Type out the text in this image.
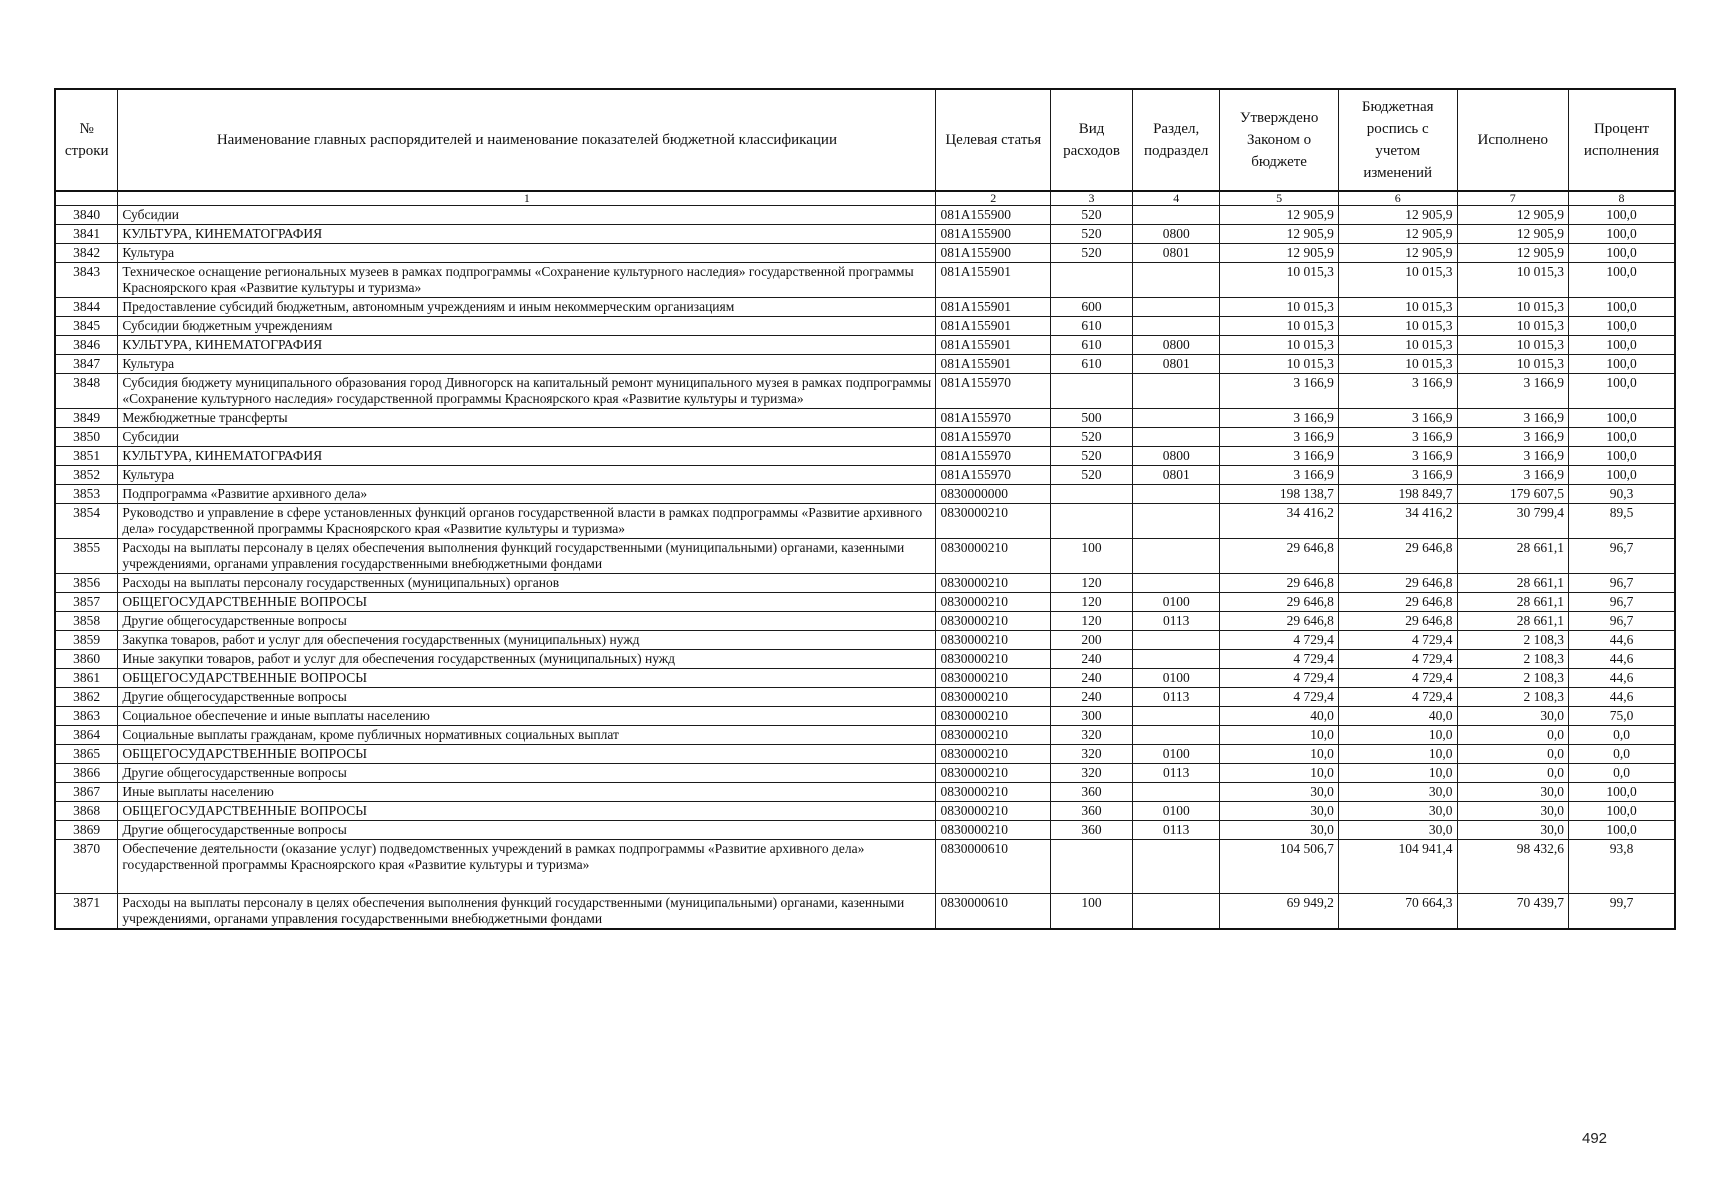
№ строки	Наименование главных распорядителей и наименование показателей бюджетной классификации	Целевая статья	Вид расходов	Раздел, подраздел	Утверждено Законом о бюджете	Бюджетная роспись с учетом изменений	Исполнено	Процент исполнения
	1	2	3	4	5	6	7	8
3840	Субсидии	081A155900	520		12 905,9	12 905,9	12 905,9	100,0
3841	КУЛЬТУРА, КИНЕМАТОГРАФИЯ	081A155900	520	0800	12 905,9	12 905,9	12 905,9	100,0
3842	Культура	081A155900	520	0801	12 905,9	12 905,9	12 905,9	100,0
3843	Техническое оснащение региональных музеев в рамках подпрограммы «Сохранение культурного наследия» государственной программы Красноярского края «Развитие культуры и туризма»	081A155901			10 015,3	10 015,3	10 015,3	100,0
3844	Предоставление субсидий бюджетным, автономным учреждениям и иным некоммерческим организациям	081A155901	600		10 015,3	10 015,3	10 015,3	100,0
3845	Субсидии бюджетным учреждениям	081A155901	610		10 015,3	10 015,3	10 015,3	100,0
3846	КУЛЬТУРА, КИНЕМАТОГРАФИЯ	081A155901	610	0800	10 015,3	10 015,3	10 015,3	100,0
3847	Культура	081A155901	610	0801	10 015,3	10 015,3	10 015,3	100,0
3848	Субсидия бюджету муниципального образования город Дивногорск на капитальный ремонт муниципального музея в рамках подпрограммы «Сохранение культурного наследия» государственной программы Красноярского края «Развитие культуры и туризма»	081A155970			3 166,9	3 166,9	3 166,9	100,0
3849	Межбюджетные трансферты	081A155970	500		3 166,9	3 166,9	3 166,9	100,0
3850	Субсидии	081A155970	520		3 166,9	3 166,9	3 166,9	100,0
3851	КУЛЬТУРА, КИНЕМАТОГРАФИЯ	081A155970	520	0800	3 166,9	3 166,9	3 166,9	100,0
3852	Культура	081A155970	520	0801	3 166,9	3 166,9	3 166,9	100,0
3853	Подпрограмма «Развитие архивного дела»	0830000000			198 138,7	198 849,7	179 607,5	90,3
3854	Руководство и управление в сфере установленных функций органов государственной власти в рамках подпрограммы «Развитие архивного дела» государственной программы Красноярского края «Развитие культуры и туризма»	0830000210			34 416,2	34 416,2	30 799,4	89,5
3855	Расходы на выплаты персоналу в целях обеспечения выполнения функций государственными (муниципальными) органами, казенными учреждениями, органами управления государственными внебюджетными фондами	0830000210	100		29 646,8	29 646,8	28 661,1	96,7
3856	Расходы на выплаты персоналу государственных (муниципальных) органов	0830000210	120		29 646,8	29 646,8	28 661,1	96,7
3857	ОБЩЕГОСУДАРСТВЕННЫЕ ВОПРОСЫ	0830000210	120	0100	29 646,8	29 646,8	28 661,1	96,7
3858	Другие общегосударственные вопросы	0830000210	120	0113	29 646,8	29 646,8	28 661,1	96,7
3859	Закупка товаров, работ и услуг для обеспечения государственных (муниципальных) нужд	0830000210	200		4 729,4	4 729,4	2 108,3	44,6
3860	Иные закупки товаров, работ и услуг для обеспечения государственных (муниципальных) нужд	0830000210	240		4 729,4	4 729,4	2 108,3	44,6
3861	ОБЩЕГОСУДАРСТВЕННЫЕ ВОПРОСЫ	0830000210	240	0100	4 729,4	4 729,4	2 108,3	44,6
3862	Другие общегосударственные вопросы	0830000210	240	0113	4 729,4	4 729,4	2 108,3	44,6
3863	Социальное обеспечение и иные выплаты населению	0830000210	300		40,0	40,0	30,0	75,0
3864	Социальные выплаты гражданам, кроме публичных нормативных социальных выплат	0830000210	320		10,0	10,0	0,0	0,0
3865	ОБЩЕГОСУДАРСТВЕННЫЕ ВОПРОСЫ	0830000210	320	0100	10,0	10,0	0,0	0,0
3866	Другие общегосударственные вопросы	0830000210	320	0113	10,0	10,0	0,0	0,0
3867	Иные выплаты населению	0830000210	360		30,0	30,0	30,0	100,0
3868	ОБЩЕГОСУДАРСТВЕННЫЕ ВОПРОСЫ	0830000210	360	0100	30,0	30,0	30,0	100,0
3869	Другие общегосударственные вопросы	0830000210	360	0113	30,0	30,0	30,0	100,0
3870	Обеспечение деятельности (оказание услуг) подведомственных учреждений в рамках подпрограммы «Развитие архивного дела» государственной программы Красноярского края «Развитие культуры и туризма»	0830000610			104 506,7	104 941,4	98 432,6	93,8
3871	Расходы на выплаты персоналу в целях обеспечения выполнения функций государственными (муниципальными) органами, казенными учреждениями, органами управления государственными внебюджетными фондами	0830000610	100		69 949,2	70 664,3	70 439,7	99,7
492
